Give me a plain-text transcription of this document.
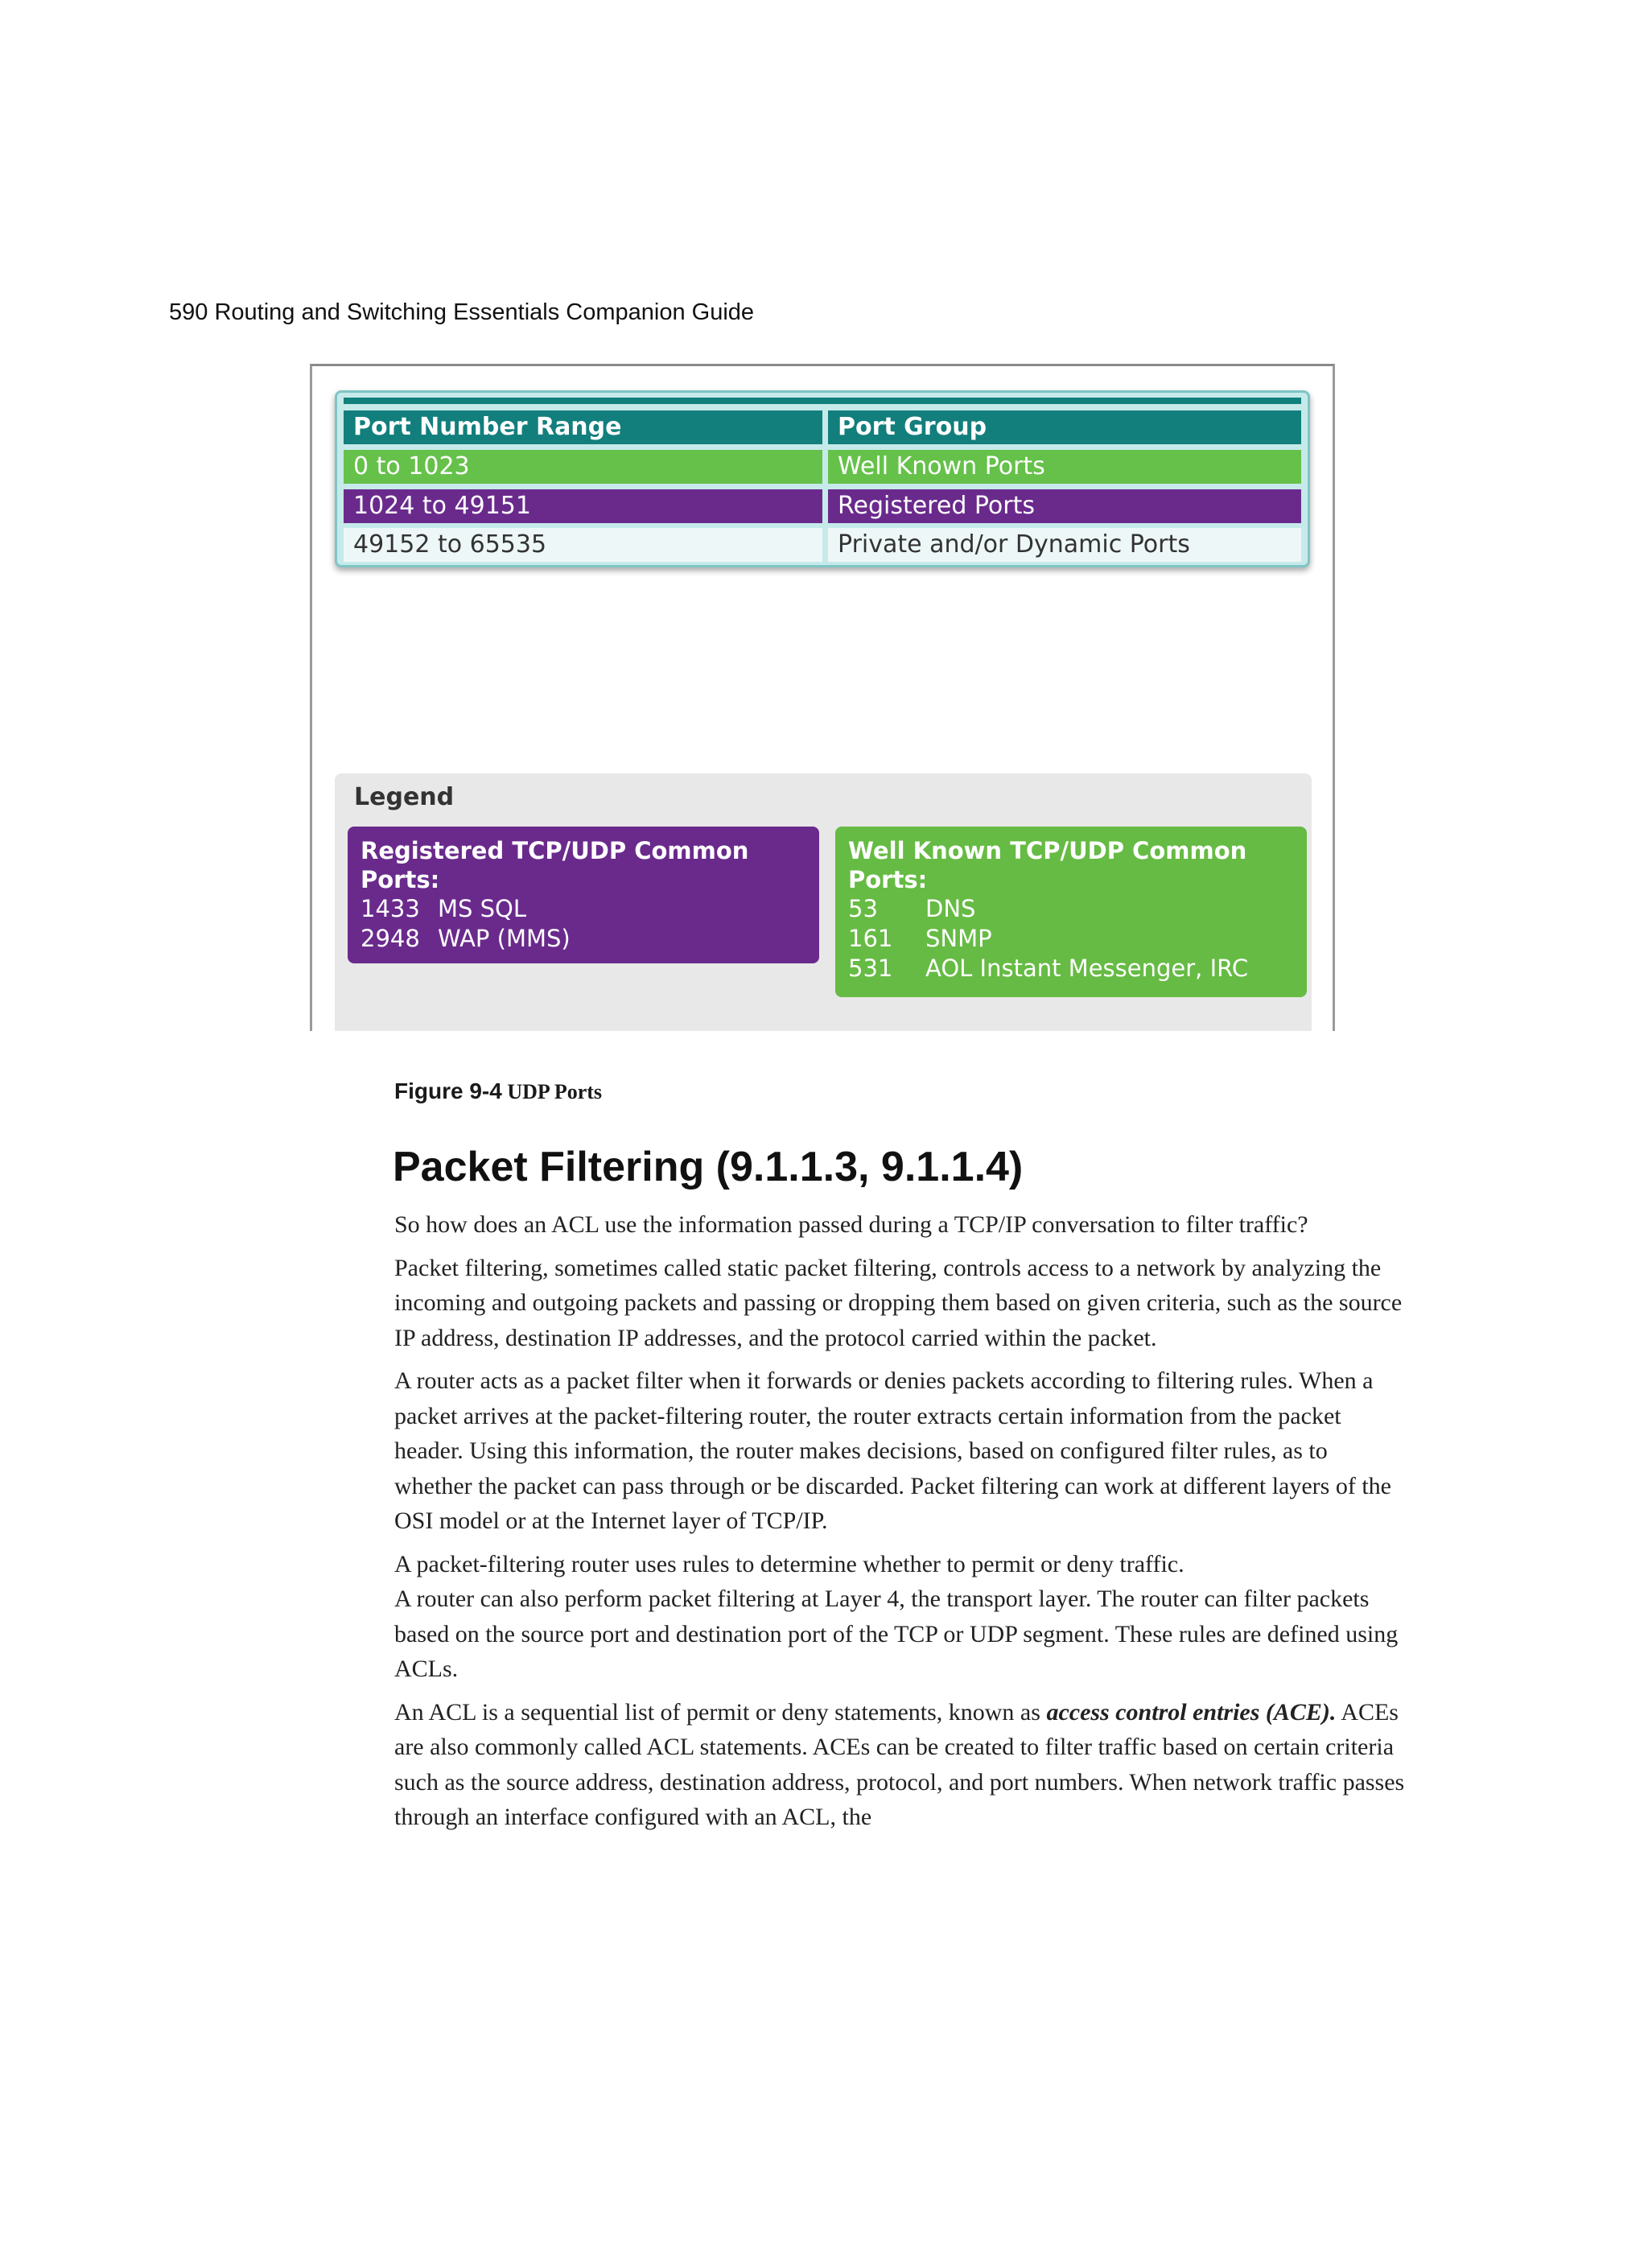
590 Routing and Switching Essentials Companion Guide
Port Number Range	Port Group
0 to 1023	Well Known Ports
1024 to 49151	Registered Ports
49152 to 65535	Private and/or Dynamic Ports
Legend
Registered TCP/UDP Common
Ports:
1433 MS SQL
2948 WAP (MMS)
Well Known TCP/UDP Common
Ports:
53 DNS
161 SNMP
531 AOL Instant Messenger, IRC
Figure 9-4 UDP Ports
Packet Filtering (9.1.1.3, 9.1.1.4)

So how does an ACL use the information passed during a TCP/IP conversation to filter traffic?

Packet filtering, sometimes called static packet filtering, controls access to a network by analyzing the incoming and outgoing packets and passing or dropping them based on given criteria, such as the source IP address, destination IP addresses, and the protocol carried within the packet.

A router acts as a packet filter when it forwards or denies packets according to filtering rules. When a packet arrives at the packet-filtering router, the router extracts certain information from the packet header. Using this information, the router makes decisions, based on configured filter rules, as to whether the packet can pass through or be discarded. Packet filtering can work at different layers of the OSI model or at the Internet layer of TCP/IP.

A packet-filtering router uses rules to determine whether to permit or deny traffic.

A router can also perform packet filtering at Layer 4, the transport layer. The router can filter packets based on the source port and destination port of the TCP or UDP segment. These rules are defined using ACLs.

An ACL is a sequential list of permit or deny statements, known as access control entries (ACE). ACEs are also commonly called ACL statements. ACEs can be created to filter traffic based on certain criteria such as the source address, destination address, protocol, and port numbers. When network traffic passes through an interface configured with an ACL, the
